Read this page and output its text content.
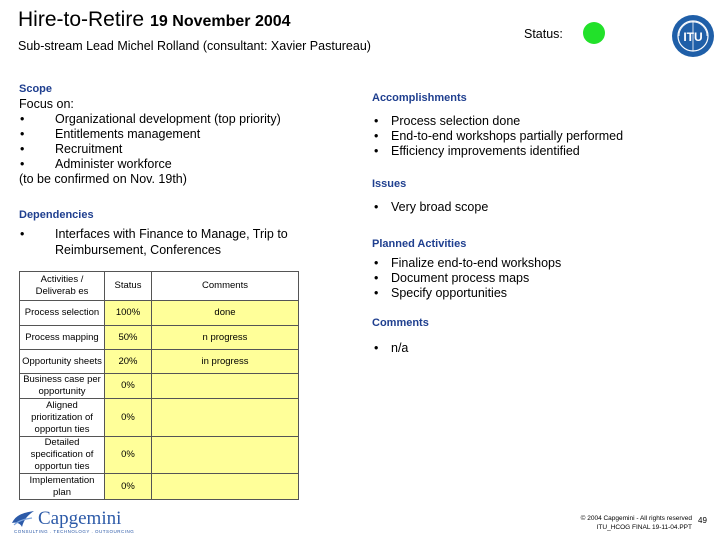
Hire-to-Retire 19 November 2004
Sub-stream Lead Michel Rolland (consultant: Xavier Pastureau)
Status:	ITU
Scope
Focus on:
• Organizational development (top priority)
• Entitlements management
• Recruitment
• Administer workforce
(to be confirmed on Nov. 19th)
Dependencies
• Interfaces with Finance to Manage, Trip to Reimbursement, Conferences
Activities / Deliverab es	Status	Comments
Process selection	100%	done
Process mapping	50%	n progress
Opportunity sheets	20%	in progress
Business case per opportunity	0%	
Aligned prioritization of opportun ties	0%	
Detailed specification of opportun ties	0%	
Implementation plan	0%	
Accomplishments
• Process selection done
• End-to-end workshops partially performed
• Efficiency improvements identified
Issues
• Very broad scope
Planned Activities
• Finalize end-to-end workshops
• Document process maps
• Specify opportunities
Comments
• n/a
Capgemini
CONSULTING . TECHNOLOGY . OUTSOURCING
© 2004 Capgemini - All rights reserved
ITU_HCOG FINAL 19-11-04.PPT
49
